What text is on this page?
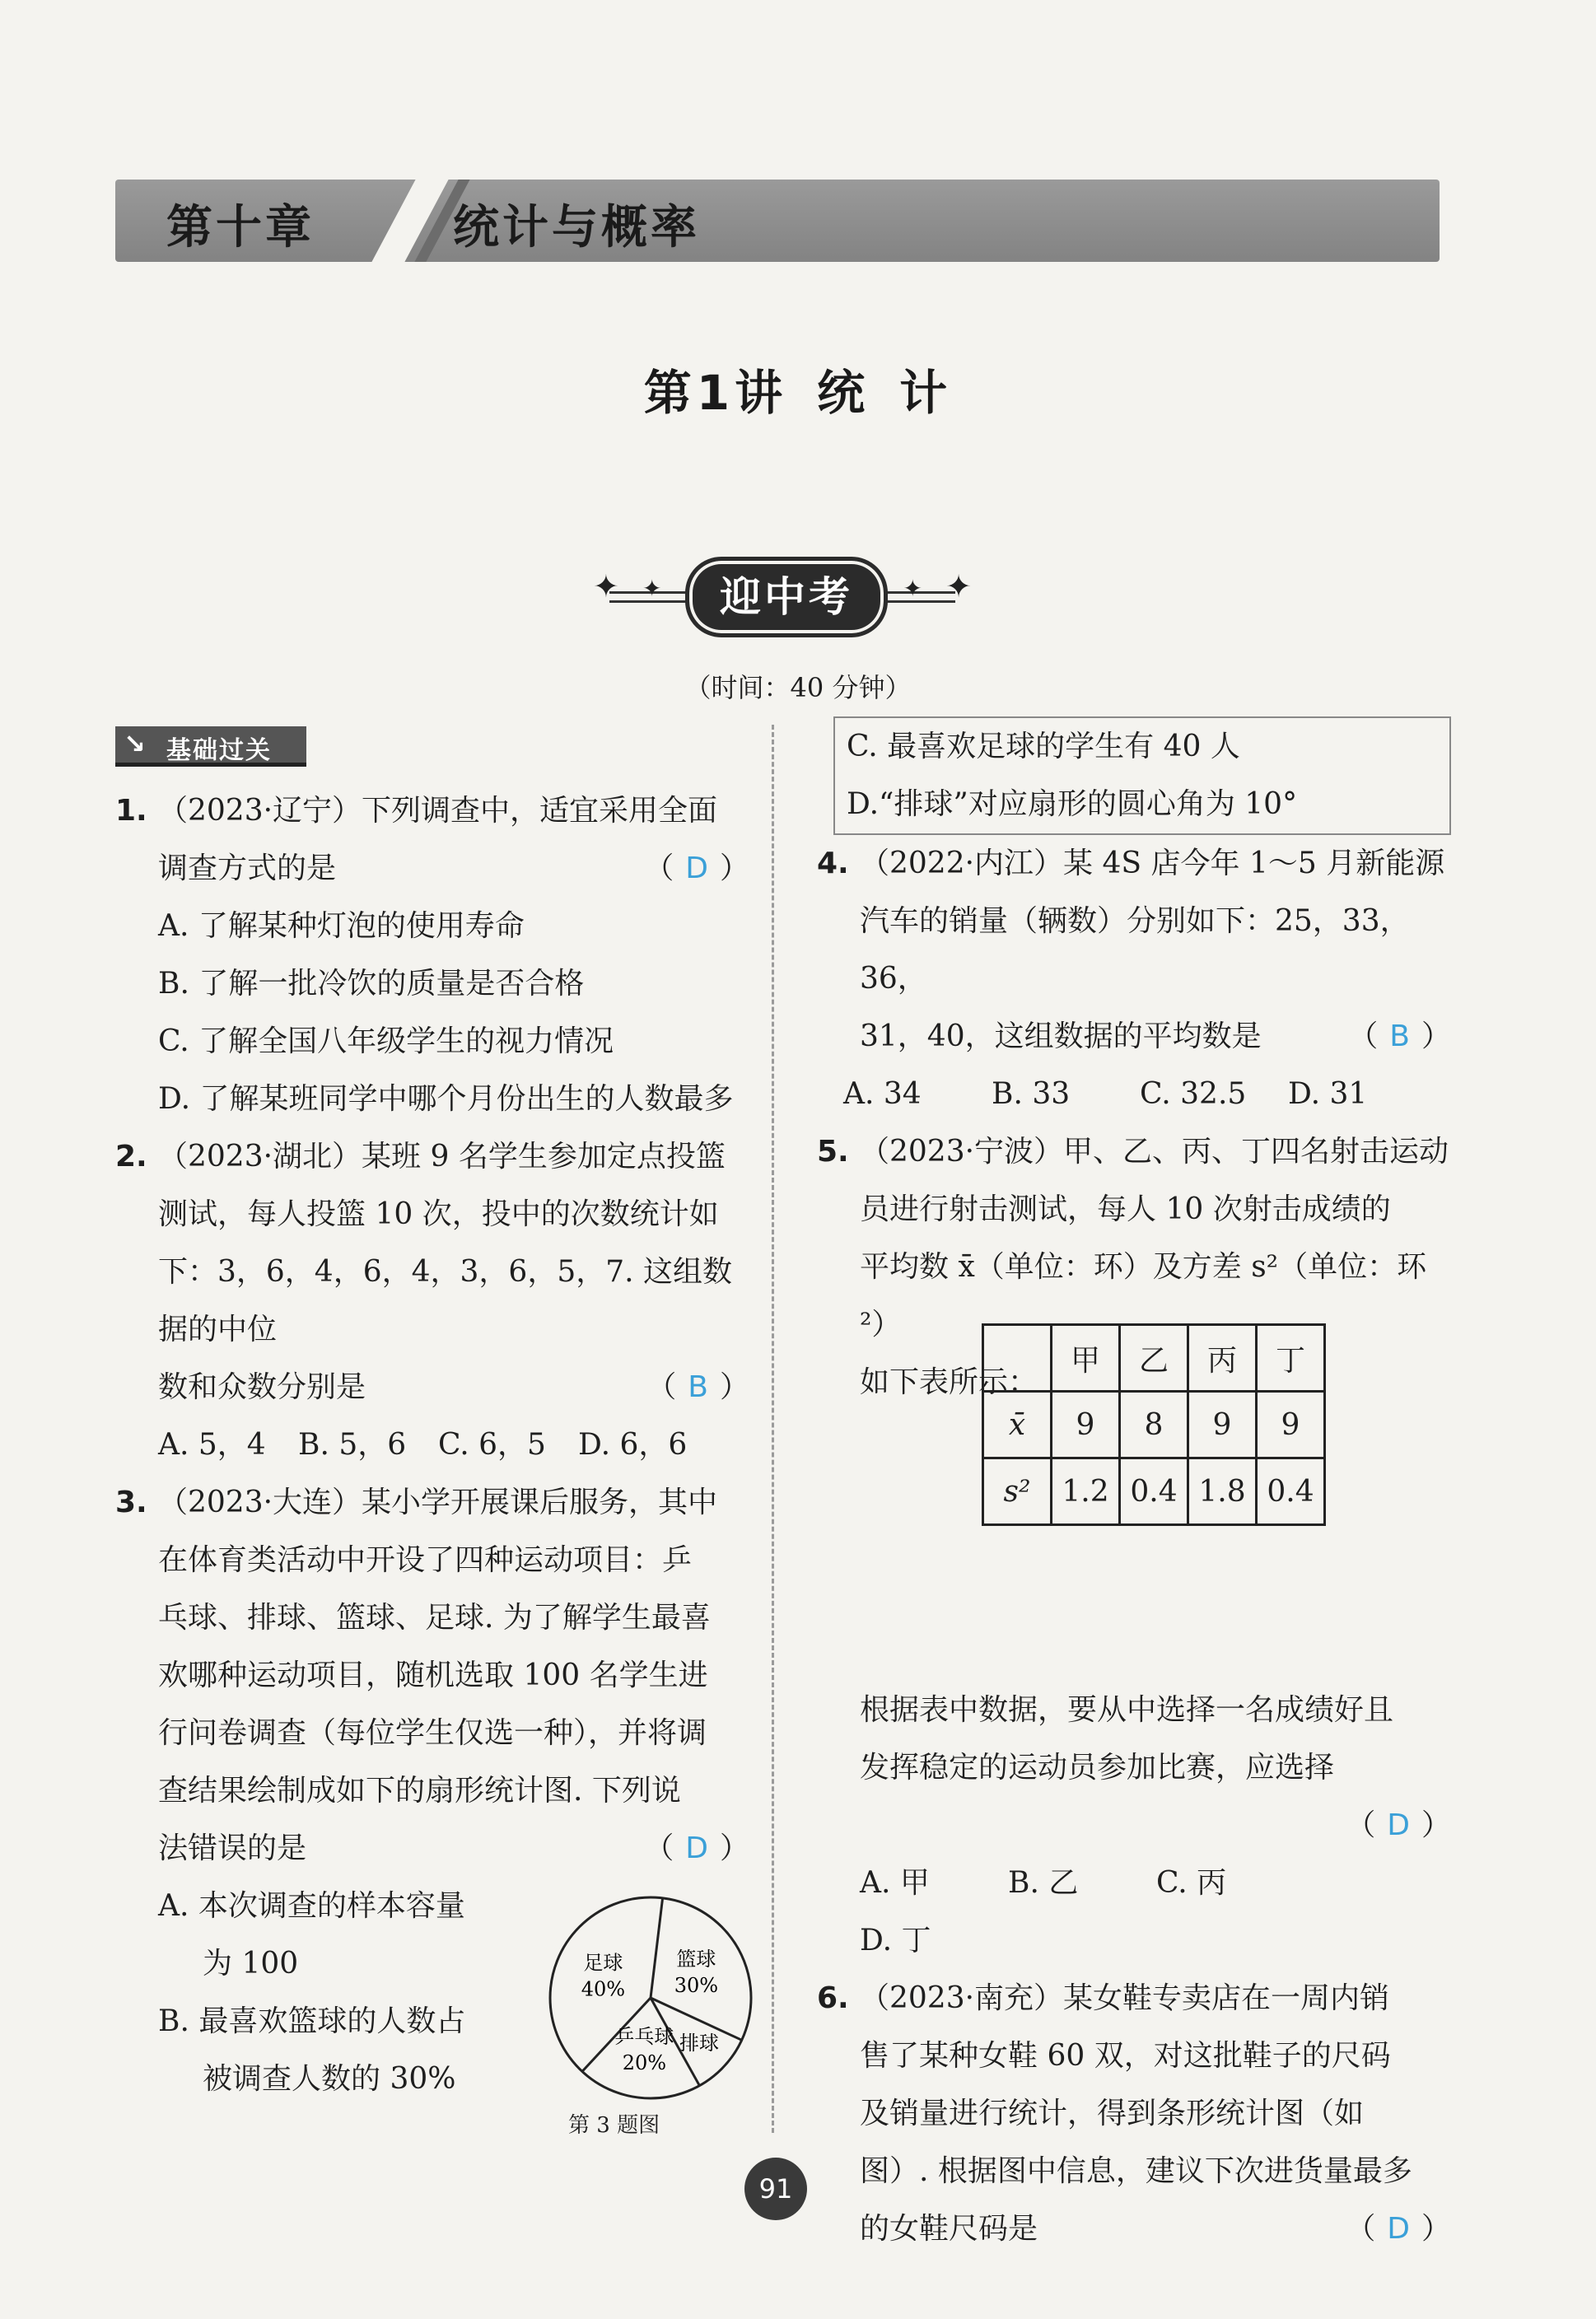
第十章	统计与概率
第1讲 统 计
✦ ✦	✦
✦
迎中考
（时间：40 分钟）
↘ 基础过关
1. （2023·辽宁）下列调查中，适宜采用全面
调查方式的是	（ D ）
A. 了解某种灯泡的使用寿命
B. 了解一批冷饮的质量是否合格
C. 了解全国八年级学生的视力情况
D. 了解某班同学中哪个月份出生的人数最多
2. （2023·湖北）某班 9 名学生参加定点投篮
测试，每人投篮 10 次，投中的次数统计如
下：3，6，4，6，4，3，6，5，7. 这组数据的中位
数和众数分别是	（ B ）
A. 5，4 B. 5，6 C. 6，5 D. 6，6
3. （2023·大连）某小学开展课后服务，其中
在体育类活动中开设了四种运动项目：乒
乓球、排球、篮球、足球. 为了解学生最喜
欢哪种运动项目，随机选取 100 名学生进
行问卷调查（每位学生仅选一种），并将调
查结果绘制成如下的扇形统计图. 下列说
法错误的是	（ D ）
A. 本次调查的样本容量
为 100
B. 最喜欢篮球的人数占
被调查人数的 30%
足球
40%
篮球
30%
排球
乒乓球
20%
第 3 题图
C. 最喜欢足球的学生有 40 人
D.“排球”对应扇形的圆心角为 10°
4. （2022·内江）某 4S 店今年 1～5 月新能源
汽车的销量（辆数）分别如下：25，33，36，
31，40，这组数据的平均数是	（ B ）
A. 34 B. 33 C. 32.5 D. 31
5. （2023·宁波）甲、乙、丙、丁四名射击运动
员进行射击测试，每人 10 次射击成绩的
平均数 x̄（单位：环）及方差 s²（单位：环²）
如下表所示：
根据表中数据，要从中选择一名成绩好且
发挥稳定的运动员参加比赛，应选择
（ D ）
A. 甲	B. 乙	C. 丙D. 丁
6. （2023·南充）某女鞋专卖店在一周内销
售了某种女鞋 60 双，对这批鞋子的尺码
及销量进行统计，得到条形统计图（如
图）. 根据图中信息，建议下次进货量最多
的女鞋尺码是	（ D ）
	甲	乙	丙	丁
x̄	9	8	9	9
s²	1.2	0.4	1.8	0.4
91
